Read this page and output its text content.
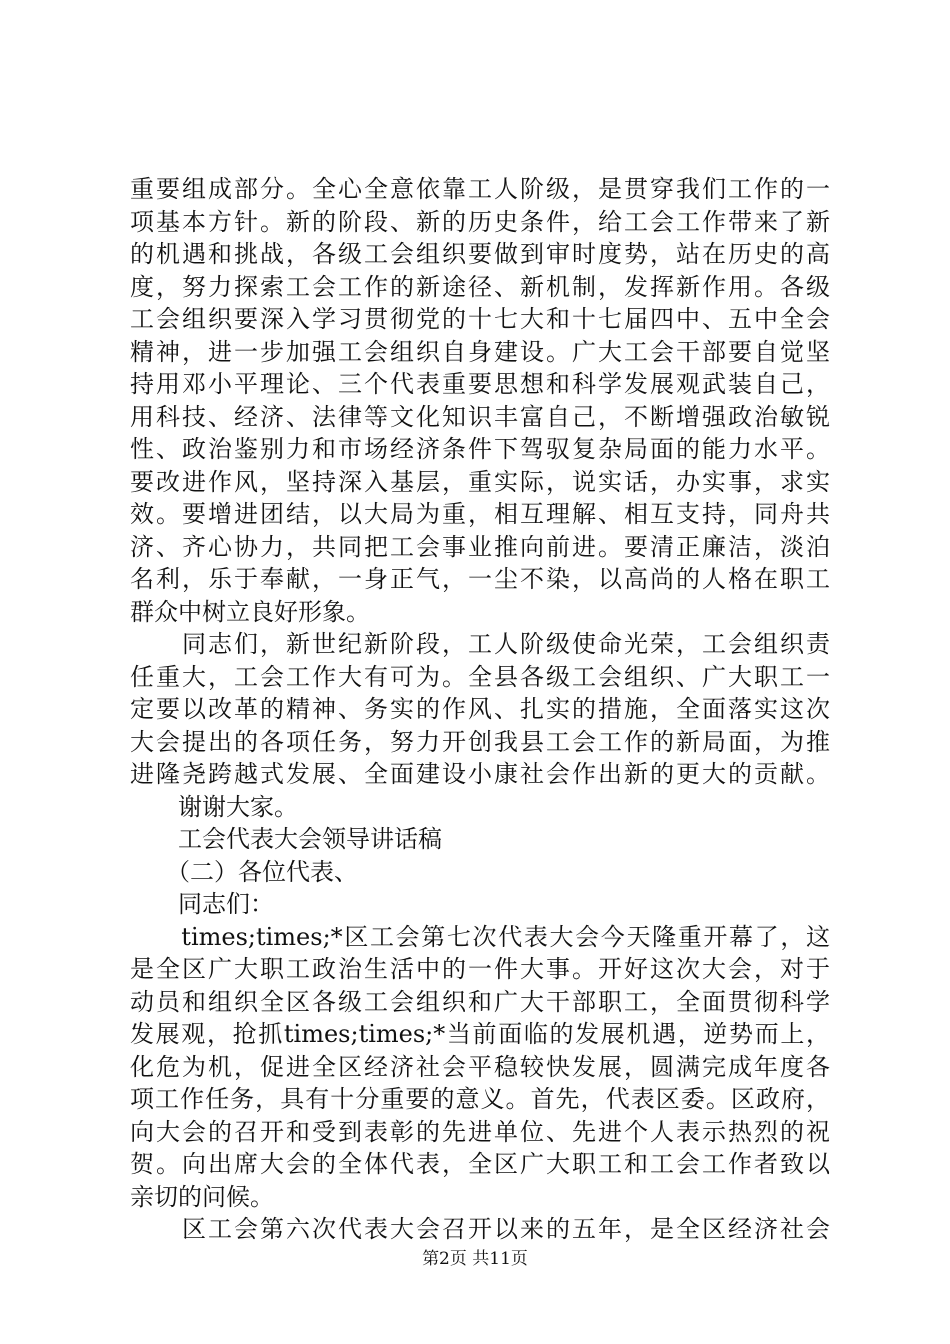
重要组成部分。全心全意依靠工人阶级，是贯穿我们工作的一
项基本方针。新的阶段、新的历史条件，给工会工作带来了新
的机遇和挑战，各级工会组织要做到审时度势，站在历史的高
度，努力探索工会工作的新途径、新机制，发挥新作用。各级
工会组织要深入学习贯彻党的十七大和十七届四中、五中全会
精神，进一步加强工会组织自身建设。广大工会干部要自觉坚
持用邓小平理论、三个代表重要思想和科学发展观武装自己，
用科技、经济、法律等文化知识丰富自己，不断增强政治敏锐
性、政治鉴别力和市场经济条件下驾驭复杂局面的能力水平。
要改进作风，坚持深入基层，重实际，说实话，办实事，求实
效。要增进团结，以大局为重，相互理解、相互支持，同舟共
济、齐心协力，共同把工会事业推向前进。要清正廉洁，淡泊
名利，乐于奉献，一身正气，一尘不染，以高尚的人格在职工
群众中树立良好形象。
　　同志们，新世纪新阶段，工人阶级使命光荣，工会组织责
任重大，工会工作大有可为。全县各级工会组织、广大职工一
定要以改革的精神、务实的作风、扎实的措施，全面落实这次
大会提出的各项任务，努力开创我县工会工作的新局面，为推
进隆尧跨越式发展、全面建设小康社会作出新的更大的贡献。
　　谢谢大家。
　　工会代表大会领导讲话稿
　　（二）各位代表、
　　同志们：
　　times;times;*区工会第七次代表大会今天隆重开幕了，这
是全区广大职工政治生活中的一件大事。开好这次大会，对于
动员和组织全区各级工会组织和广大干部职工，全面贯彻科学
发展观，抢抓times;times;*当前面临的发展机遇，逆势而上，
化危为机，促进全区经济社会平稳较快发展，圆满完成年度各
项工作任务，具有十分重要的意义。首先，代表区委。区政府，
向大会的召开和受到表彰的先进单位、先进个人表示热烈的祝
贺。向出席大会的全体代表，全区广大职工和工会工作者致以
亲切的问候。
　　区工会第六次代表大会召开以来的五年，是全区经济社会
第2页 共11页
